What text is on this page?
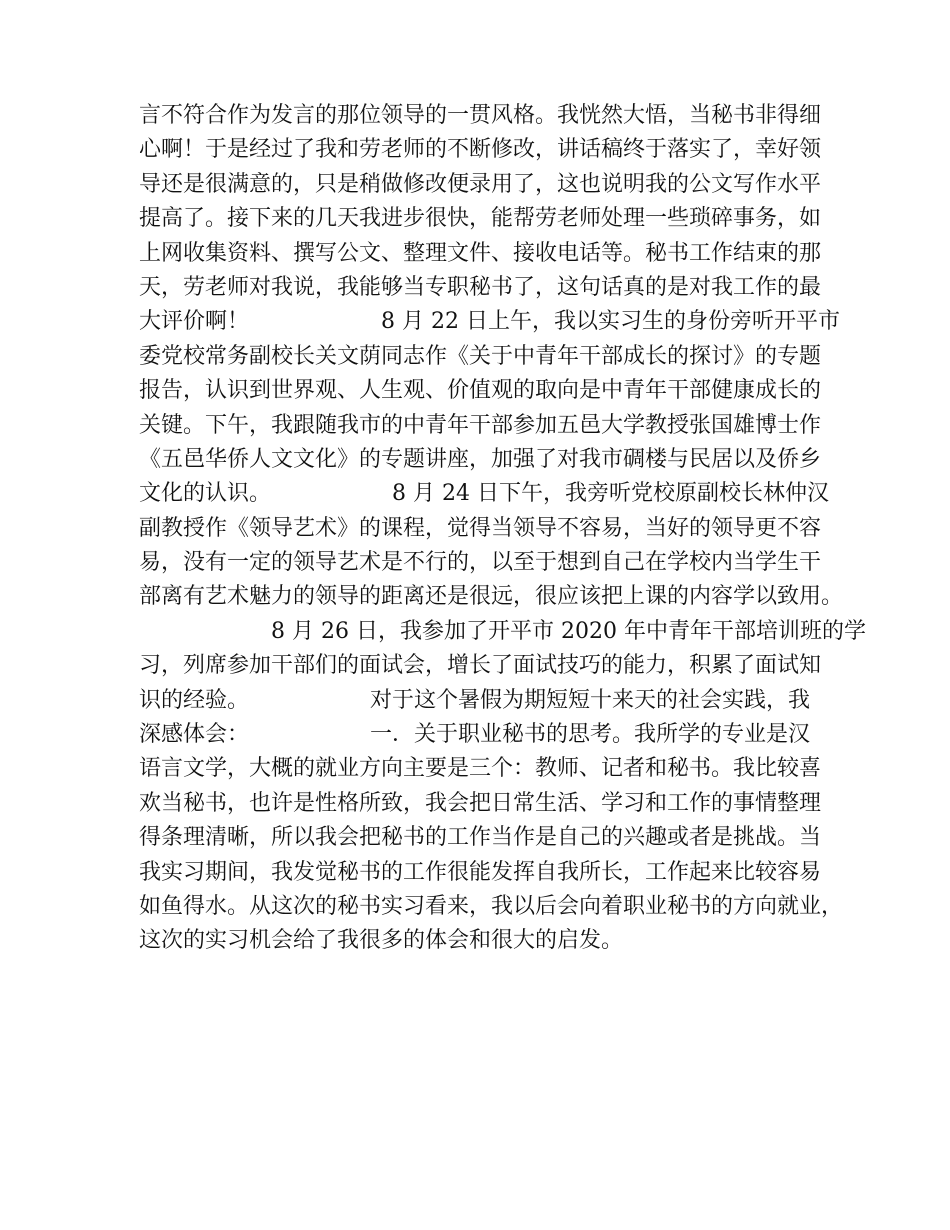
言不符合作为发言的那位领导的一贯风格。我恍然大悟，当秘书非得细
心啊！于是经过了我和劳老师的不断修改，讲话稿终于落实了，幸好领
导还是很满意的，只是稍做修改便录用了，这也说明我的公文写作水平
提高了。接下来的几天我进步很快，能帮劳老师处理一些琐碎事务，如
上网收集资料、撰写公文、整理文件、接收电话等。秘书工作结束的那
天，劳老师对我说，我能够当专职秘书了，这句话真的是对我工作的最
大评价啊！　　　　　　8 月 22 日上午，我以实习生的身份旁听开平市
委党校常务副校长关文荫同志作《关于中青年干部成长的探讨》的专题
报告，认识到世界观、人生观、价值观的取向是中青年干部健康成长的
关键。下午，我跟随我市的中青年干部参加五邑大学教授张国雄博士作
《五邑华侨人文文化》的专题讲座，加强了对我市碉楼与民居以及侨乡
文化的认识。　　　　　　8 月 24 日下午，我旁听党校原副校长林仲汉
副教授作《领导艺术》的课程，觉得当领导不容易，当好的领导更不容
易，没有一定的领导艺术是不行的，以至于想到自己在学校内当学生干
部离有艺术魅力的领导的距离还是很远，很应该把上课的内容学以致用。
　　　　　　8 月 26 日，我参加了开平市 2020 年中青年干部培训班的学
习，列席参加干部们的面试会，增长了面试技巧的能力，积累了面试知
识的经验。　　　　　　对于这个暑假为期短短十来天的社会实践，我
深感体会：　　　　　　一．关于职业秘书的思考。我所学的专业是汉
语言文学，大概的就业方向主要是三个：教师、记者和秘书。我比较喜
欢当秘书，也许是性格所致，我会把日常生活、学习和工作的事情整理
得条理清晰，所以我会把秘书的工作当作是自己的兴趣或者是挑战。当
我实习期间，我发觉秘书的工作很能发挥自我所长，工作起来比较容易
如鱼得水。从这次的秘书实习看来，我以后会向着职业秘书的方向就业，
这次的实习机会给了我很多的体会和很大的启发。
